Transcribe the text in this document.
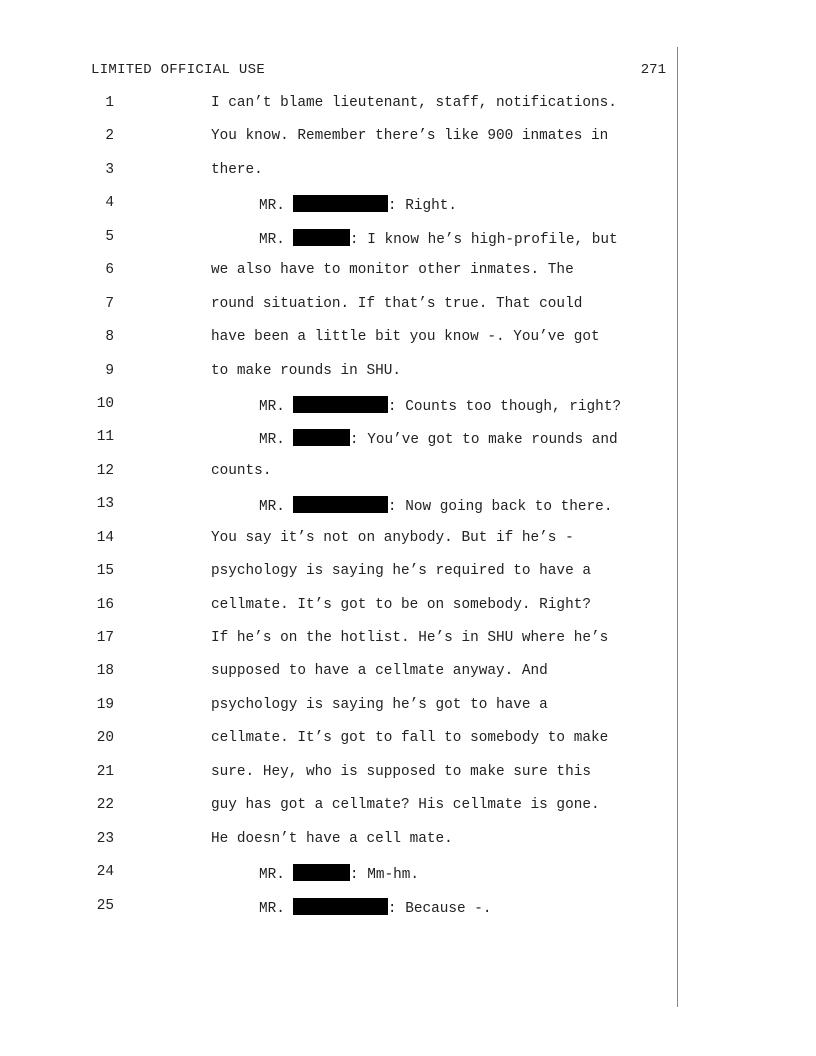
LIMITED OFFICIAL USE	271
1	I can’t blame lieutenant, staff, notifications.
2	You know. Remember there’s like 900 inmates in
3	there.
4	MR.	: Right.
5	MR.	: I know he’s high-profile, but
6	we also have to monitor other inmates. The
7	round situation. If that’s true. That could
8	have been a little bit you know -. You’ve got
9	to make rounds in SHU.
10	MR.	: Counts too though, right?
11	MR.	: You’ve got to make rounds and
12	counts.
13	MR.	: Now going back to there.
14	You say it’s not on anybody. But if he’s -
15	psychology is saying he’s required to have a
16	cellmate. It’s got to be on somebody. Right?
17	If he’s on the hotlist. He’s in SHU where he’s
18	supposed to have a cellmate anyway. And
19	psychology is saying he’s got to have a
20	cellmate. It’s got to fall to somebody to make
21	sure. Hey, who is supposed to make sure this
22	guy has got a cellmate? His cellmate is gone.
23	He doesn’t have a cell mate.
24	MR.	: Mm-hm.
25	MR.	: Because -.
